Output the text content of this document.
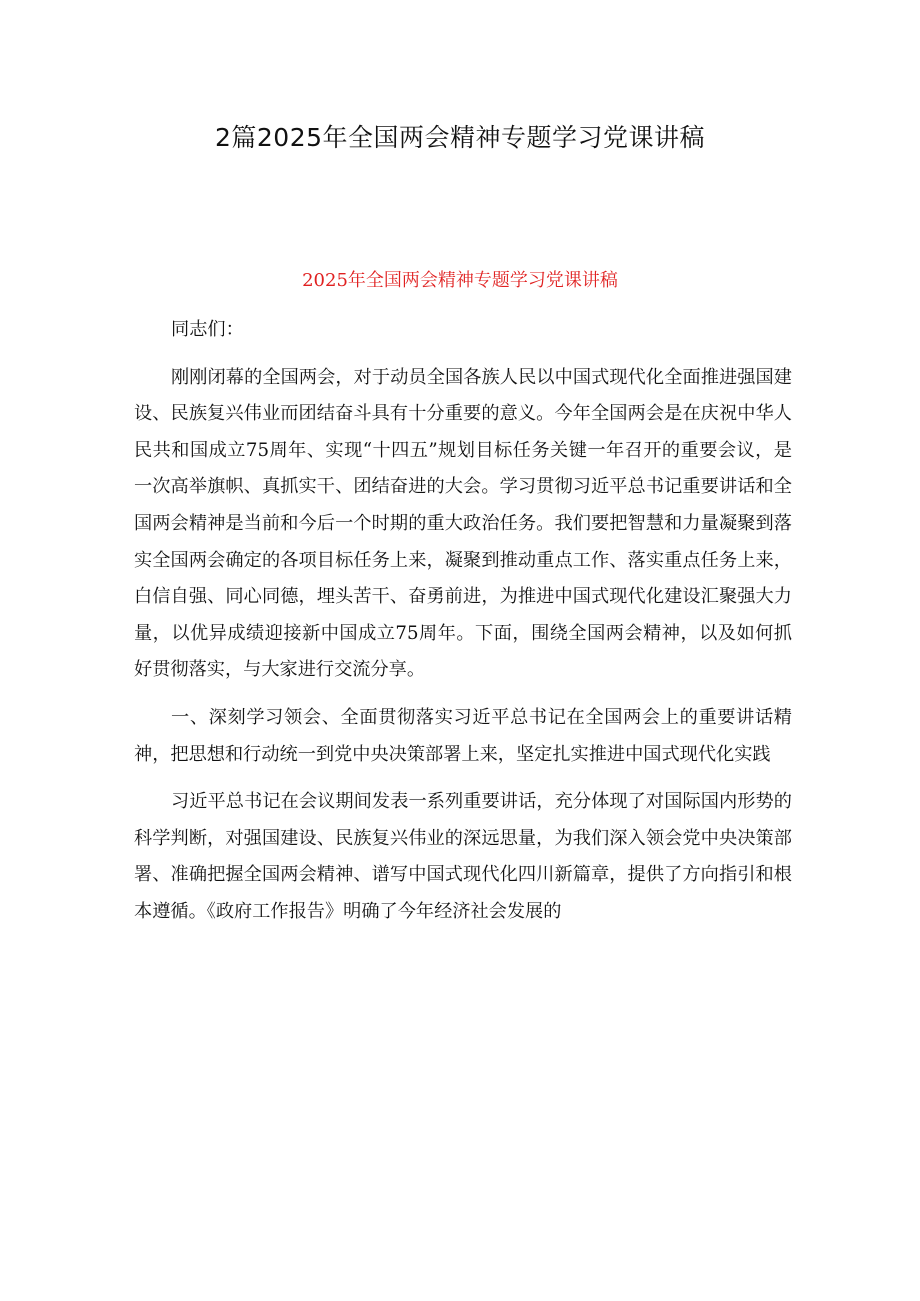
2篇2025年全国两会精神专题学习党课讲稿
2025年全国两会精神专题学习党课讲稿

同志们：

刚刚闭幕的全国两会，对于动员全国各族人民以中国式现代化全面推进强国建设、民族复兴伟业而团结奋斗具有十分重要的意义。今年全国两会是在庆祝中华人民共和国成立75周年、实现“十四五”规划目标任务关键一年召开的重要会议，是一次高举旗帜、真抓实干、团结奋进的大会。学习贯彻习近平总书记重要讲话和全国两会精神是当前和今后一个时期的重大政治任务。我们要把智慧和力量凝聚到落实全国两会确定的各项目标任务上来，凝聚到推动重点工作、落实重点任务上来，白信自强、同心同德，埋头苦干、奋勇前进，为推进中国式现代化建设汇聚强大力量，以优异成绩迎接新中国成立75周年。下面，围绕全国两会精神，以及如何抓好贯彻落实，与大家进行交流分享。

一、深刻学习领会、全面贯彻落实习近平总书记在全国两会上的重要讲话精神，把思想和行动统一到党中央决策部署上来，坚定扎实推进中国式现代化实践

习近平总书记在会议期间发表一系列重要讲话，充分体现了对国际国内形势的科学判断，对强国建设、民族复兴伟业的深远思量，为我们深入领会党中央决策部署、准确把握全国两会精神、谱写中国式现代化四川新篇章，提供了方向指引和根本遵循。《政府工作报告》明确了今年经济社会发展的
